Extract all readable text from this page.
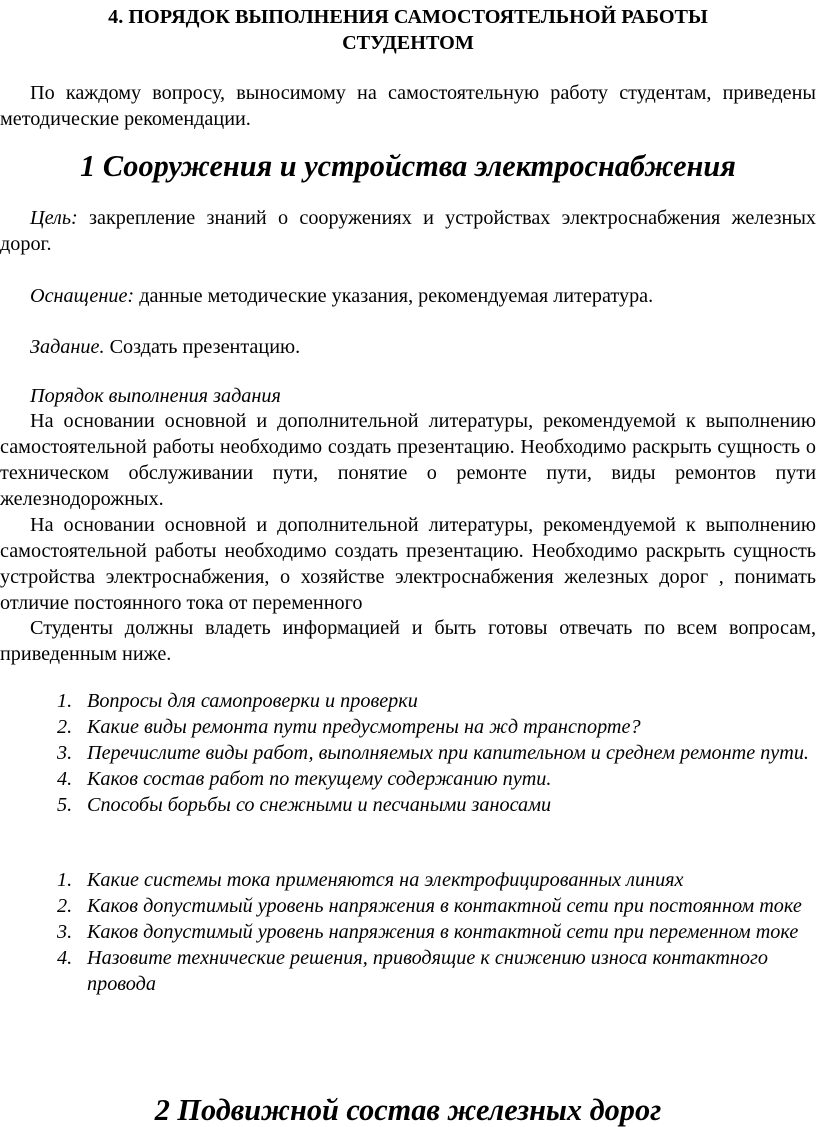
4. ПОРЯДОК ВЫПОЛНЕНИЯ САМОСТОЯТЕЛЬНОЙ РАБОТЫ
СТУДЕНТОМ

По каждому вопросу, выносимому на самостоятельную работу студентам, приведены методические рекомендации.

1 Сооружения и устройства электроснабжения

Цель: закрепление знаний о сооружениях и устройствах электроснабжения железных дорог.

Оснащение: данные методические указания, рекомендуемая литература.

Задание. Создать презентацию.

Порядок выполнения задания

На основании основной и дополнительной литературы, рекомендуемой к выполнению самостоятельной работы необходимо создать презентацию. Необходимо раскрыть сущность о техническом обслуживании пути, понятие о ремонте пути, виды ремонтов пути железнодорожных.

На основании основной и дополнительной литературы, рекомендуемой к выполнению самостоятельной работы необходимо создать презентацию. Необходимо раскрыть сущность устройства электроснабжения, о хозяйстве электроснабжения железных дорог , понимать отличие постоянного тока от переменного

Студенты должны владеть информацией и быть готовы отвечать по всем вопросам, приведенным ниже.

1. Вопросы для самопроверки и проверки
2. Какие виды ремонта пути предусмотрены на жд транспорте?
3. Перечислите виды работ, выполняемых при капительном и среднем ремонте пути.
4. Каков состав работ по текущему содержанию пути.
5. Способы борьбы со снежными и песчаными заносами
1. Какие системы тока применяются на электрофицированных линиях
2. Каков допустимый уровень напряжения в контактной сети при постоянном токе
3. Каков допустимый уровень напряжения в контактной сети при переменном токе
4. Назовите технические решения, приводящие к снижению износа контактного провода
2 Подвижной состав железных дорог
